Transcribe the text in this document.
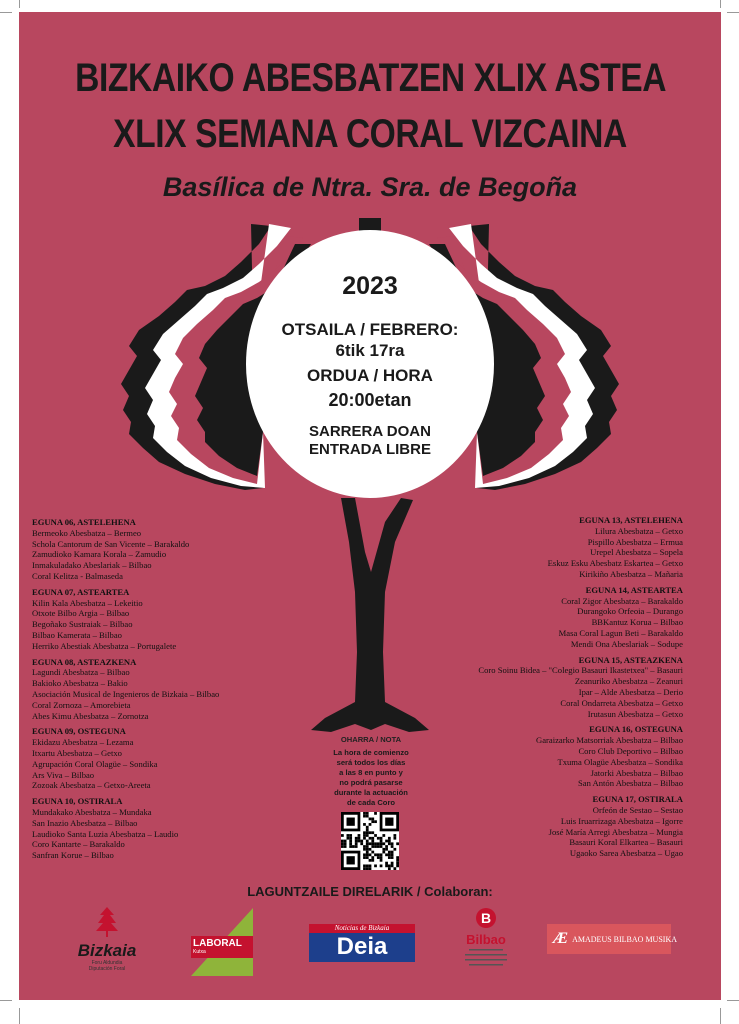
BIZKAIKO ABESBATZEN XLIX ASTEA
XLIX SEMANA CORAL VIZCAINA
Basílica de Ntra. Sra. de Begoña
2023
OTSAILA / FEBRERO:
6tik 17ra
ORDUA / HORA
20:00etan
SARRERA DOAN
ENTRADA LIBRE
EGUNA 06, ASTELEHENA
Bermeoko Abesbatza – Bermeo
Schola Cantorum de San Vicente – Barakaldo
Zamudioko Kamara Korala – Zamudio
Inmakuladako Abeslariak – Bilbao
Coral Kelitza - Balmaseda
EGUNA 07, ASTEARTEA
Kilin Kala Abesbatza – Lekeitio
Otxote Bilbo Argia – Bilbao
Begoñako Sustraiak – Bilbao
Bilbao Kamerata – Bilbao
Herriko Abestiak Abesbatza – Portugalete
EGUNA 08, ASTEAZKENA
Lagundi Abesbatza – Bilbao
Bakioko Abesbatza – Bakio
Asociación Musical de Ingenieros de Bizkaia – Bilbao
Coral Zornoza – Amorebieta
Abes Kimu Abesbatza – Zornotza
EGUNA 09, OSTEGUNA
Ekidazu Abesbatza – Lezama
Itxartu Abesbatza – Getxo
Agrupación Coral Olagüe – Sondika
Ars Viva – Bilbao
Zozoak Abesbatza – Getxo-Areeta
EGUNA 10, OSTIRALA
Mundakako Abesbatza – Mundaka
San Inazio Abesbatza – Bilbao
Laudioko Santa Luzia Abesbatza – Laudio
Coro Kantarte – Barakaldo
Sanfran Korue – Bilbao
EGUNA 13, ASTELEHENA
Lilura Abesbatza – Getxo
Pispillo Abesbatza – Ermua
Urepel Abesbatza – Sopela
Eskuz Esku Abesbatz Eskartea – Getxo
Kirikiño Abesbatza – Mañaria
EGUNA 14, ASTEARTEA
Coral Zigor Abesbatza – Barakaldo
Durangoko Orfeoia – Durango
BBKantuz Korua – Bilbao
Masa Coral Lagun Beti – Barakaldo
Mendi Ona Abeslariak – Sodupe
EGUNA 15, ASTEAZKENA
Coro Soinu Bidea – "Colegio Basauri Ikastetxea" – Basauri
Zeanuriko Abesbatza – Zeanuri
Ipar – Alde Abesbatza – Derio
Coral Ondarreta Abesbatza – Getxo
Irutasun Abesbatza – Getxo
EGUNA 16, OSTEGUNA
Garaizarko Matsorriak Abesbatza – Bilbao
Coro Club Deportivo – Bilbao
Txuma Olagüe Abesbatza – Sondika
Jatorki Abesbatza – Bilbao
San Antón Abesbatza – Bilbao
EGUNA 17, OSTIRALA
Orfeón de Sestao – Sestao
Luis Iruarrizaga Abesbatza – Igorre
José María Arregi Abesbatza – Mungia
Basauri Koral Elkartea – Basauri
Ugaoko Sarea Abesbatza – Ugao
OHARRA / NOTA
La hora de comienzo
será todos los días
a las 8 en punto y
no podrá pasarse
durante la actuación
de cada Coro
LAGUNTZAILE DIRELARIK / Colaboran:
Bizkaia
Foru Aldundia
Diputación Foral
LABORAL
Kutxa
Noticias de Bizkaia
Deia
B
Bilbao	Æ AMADEUS BILBAO MUSIKA
